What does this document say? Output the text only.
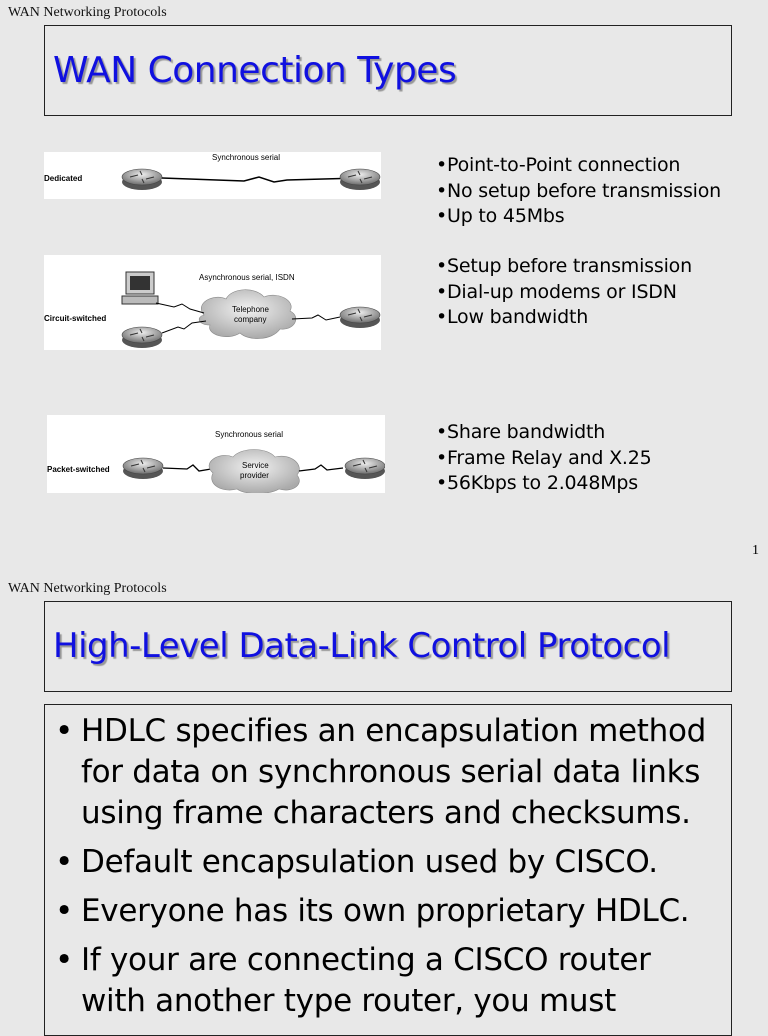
WAN Networking Protocols
WAN Connection Types
Dedicated
Synchronous serial	•Point-to-Point connection
•No setup before transmission
•Up to 45Mbs
Circuit-switched
Asynchronous serial, ISDN
Telephone
company
•Setup before transmission
•Dial-up modems or ISDN
•Low bandwidth
Packet-switched
Synchronous serial
Service
provider
•Share bandwidth
•Frame Relay and X.25
•56Kbps to 2.048Mps
1
WAN Networking Protocols
High-Level Data-Link Control Protocol
• HDLC specifies an encapsulation method for data on synchronous serial data links using frame characters and checksums.
• Default encapsulation used by CISCO.
• Everyone has its own proprietary HDLC.
• If your are connecting a CISCO router with another type router, you must
